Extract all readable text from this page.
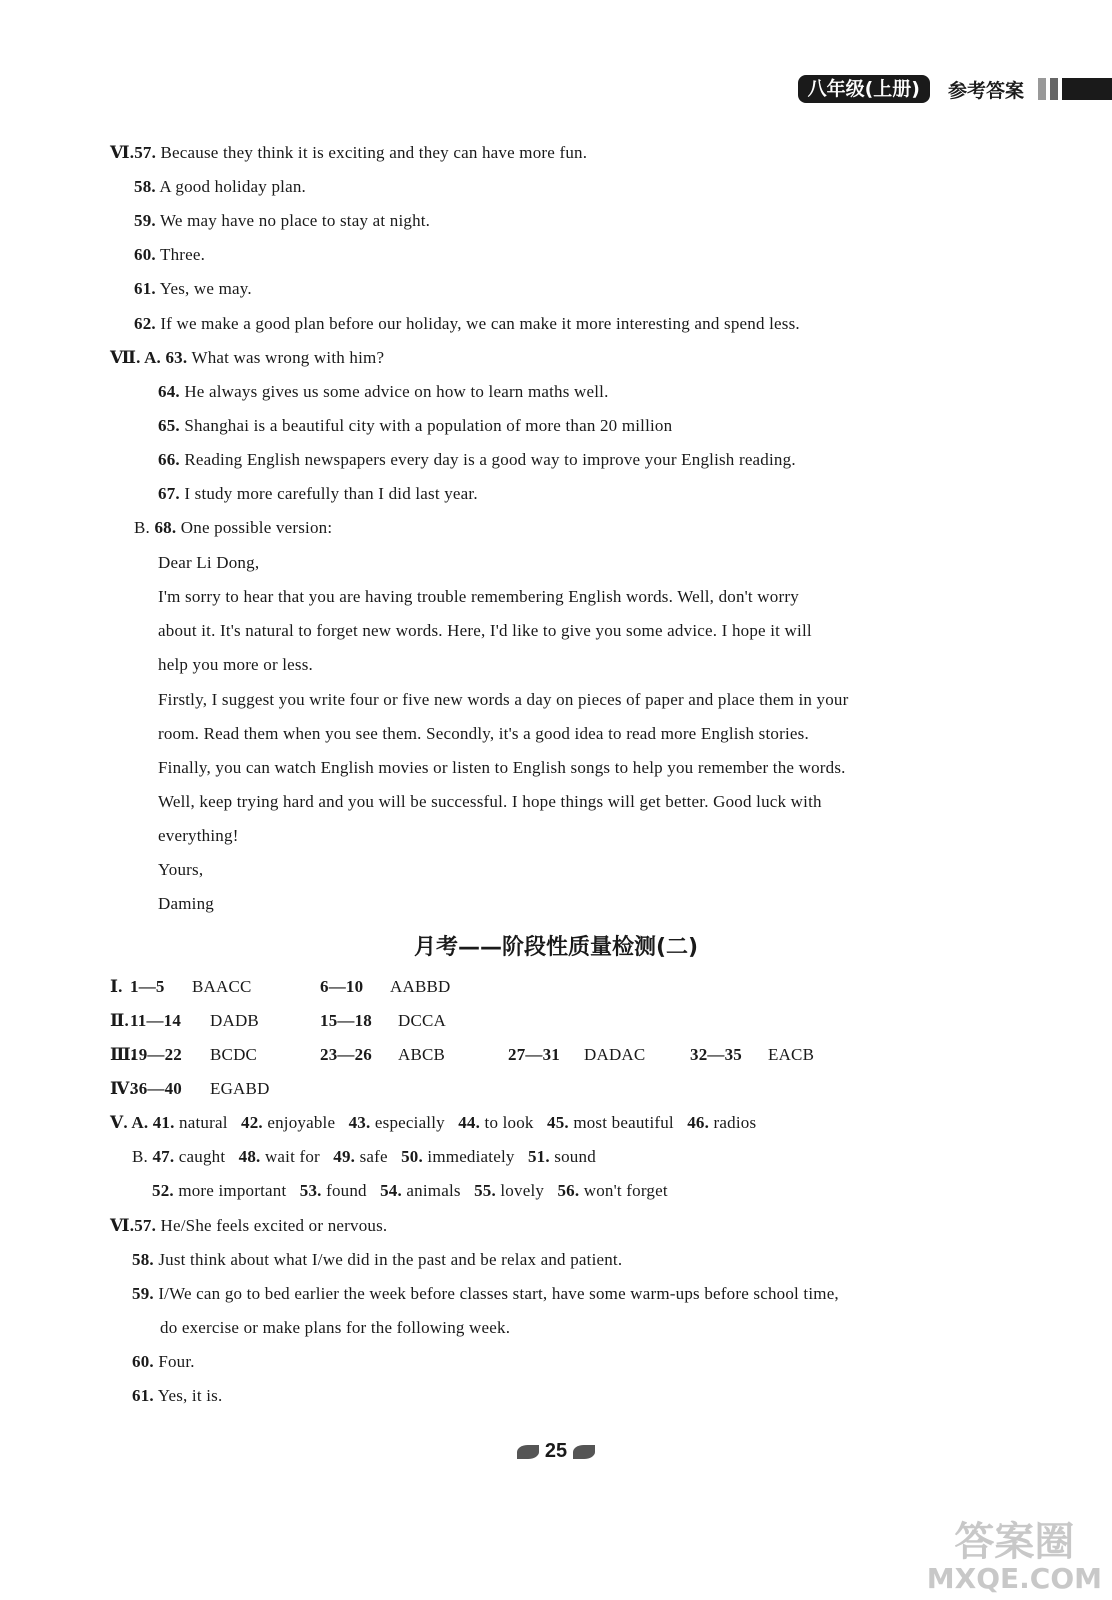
八年级(上册)	参考答案
Ⅵ.57. Because they think it is exciting and they can have more fun.
58. A good holiday plan.
59. We may have no place to stay at night.
60. Three.
61. Yes, we may.
62. If we make a good plan before our holiday, we can make it more interesting and spend less.
Ⅶ. A. 63. What was wrong with him?
64. He always gives us some advice on how to learn maths well.
65. Shanghai is a beautiful city with a population of more than 20 million
66. Reading English newspapers every day is a good way to improve your English reading.
67. I study more carefully than I did last year.
B. 68. One possible version:
Dear Li Dong,
I'm sorry to hear that you are having trouble remembering English words. Well, don't worry
about it. It's natural to forget new words. Here, I'd like to give you some advice. I hope it will
help you more or less.
Firstly, I suggest you write four or five new words a day on pieces of paper and place them in your
room. Read them when you see them. Secondly, it's a good idea to read more English stories.
Finally, you can watch English movies or listen to English songs to help you remember the words.
Well, keep trying hard and you will be successful. I hope things will get better. Good luck with
everything!
Yours,
Daming
月考——阶段性质量检测(二)
Ⅰ. 1—5 BAACC	6—10 AABBD
Ⅱ. 11—14 DADB	15—18 DCCA
Ⅲ.
19—22 BCDC	23—26 ABCB	27—31 DADAC	32—35 EACB
Ⅳ.
36—40 EGABD
Ⅴ. A. 41. natural 42. enjoyable 43. especially 44. to look 45. most beautiful 46. radios
B. 47. caught 48. wait for 49. safe 50. immediately 51. sound
52. more important 53. found 54. animals 55. lovely 56. won't forget
Ⅵ.57. He/She feels excited or nervous.
58. Just think about what I/we did in the past and be relax and patient.
59. I/We can go to bed earlier the week before classes start, have some warm-ups before school time,
do exercise or make plans for the following week.
60. Four.
61. Yes, it is.
25
答案圈
MXQE.COM
